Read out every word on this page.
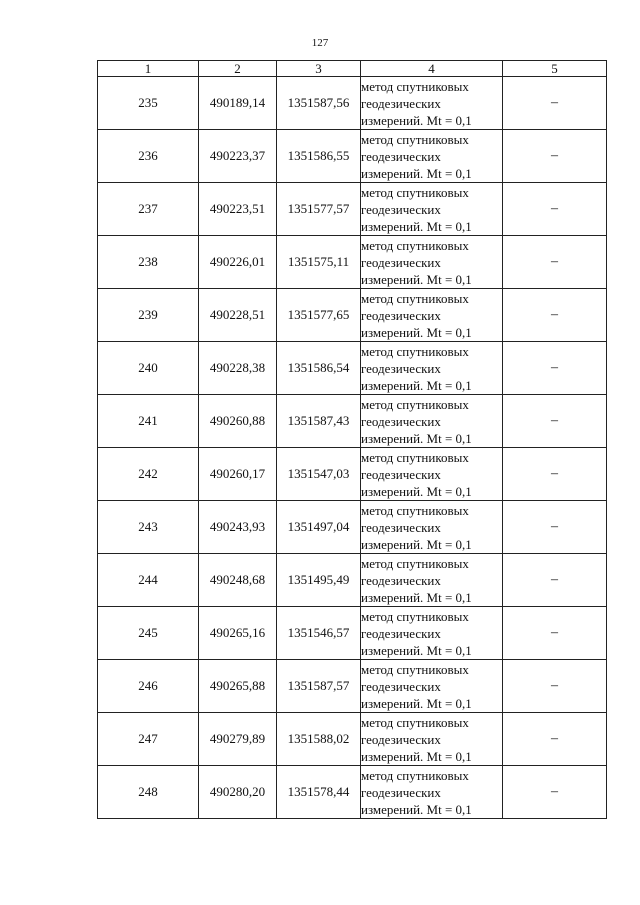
127
1	2	3	4	5
235	490189,14	1351587,56	метод спутниковых
геодезических
измерений. Mt = 0,1	–
236	490223,37	1351586,55	метод спутниковых
геодезических
измерений. Mt = 0,1	–
237	490223,51	1351577,57	метод спутниковых
геодезических
измерений. Mt = 0,1	–
238	490226,01	1351575,11	метод спутниковых
геодезических
измерений. Mt = 0,1	–
239	490228,51	1351577,65	метод спутниковых
геодезических
измерений. Mt = 0,1	–
240	490228,38	1351586,54	метод спутниковых
геодезических
измерений. Mt = 0,1	–
241	490260,88	1351587,43	метод спутниковых
геодезических
измерений. Mt = 0,1	–
242	490260,17	1351547,03	метод спутниковых
геодезических
измерений. Mt = 0,1	–
243	490243,93	1351497,04	метод спутниковых
геодезических
измерений. Mt = 0,1	–
244	490248,68	1351495,49	метод спутниковых
геодезических
измерений. Mt = 0,1	–
245	490265,16	1351546,57	метод спутниковых
геодезических
измерений. Mt = 0,1	–
246	490265,88	1351587,57	метод спутниковых
геодезических
измерений. Mt = 0,1	–
247	490279,89	1351588,02	метод спутниковых
геодезических
измерений. Mt = 0,1	–
248	490280,20	1351578,44	метод спутниковых
геодезических
измерений. Mt = 0,1	–
